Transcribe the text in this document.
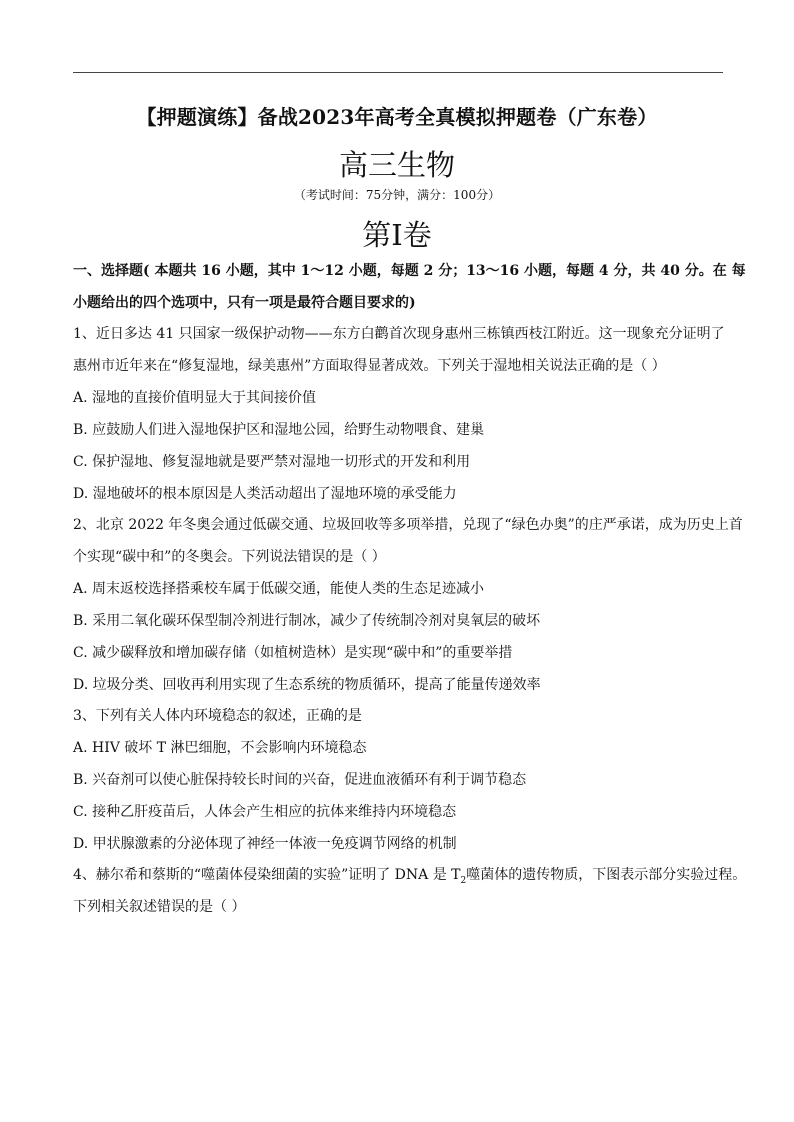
【押题演练】备战2023年高考全真模拟押题卷（广东卷）
高三生物
（考试时间：75分钟，满分：100分）
第I卷
一、选择题( 本题共 16 小题，其中 1～12 小题，每题 2 分；13～16 小题，每题 4 分，共 40 分。在 每
小题给出的四个选项中，只有一项是最符合题目要求的)
1、近日多达 41 只国家一级保护动物——东方白鹳首次现身惠州三栋镇西枝江附近。这一现象充分证明了
惠州市近年来在“修复湿地，绿美惠州”方面取得显著成效。下列关于湿地相关说法正确的是（ ）
A. 湿地的直接价值明显大于其间接价值
B. 应鼓励人们进入湿地保护区和湿地公园，给野生动物喂食、建巢
C. 保护湿地、修复湿地就是要严禁对湿地一切形式的开发和利用
D. 湿地破坏的根本原因是人类活动超出了湿地环境的承受能力
2、北京 2022 年冬奥会通过低碳交通、垃圾回收等多项举措，兑现了“绿色办奥”的庄严承诺，成为历史上首
个实现“碳中和”的冬奥会。下列说法错误的是（ ）
A. 周末返校选择搭乘校车属于低碳交通，能使人类的生态足迹减小
B. 采用二氧化碳环保型制冷剂进行制冰，减少了传统制冷剂对臭氧层的破坏
C. 减少碳释放和增加碳存储（如植树造林）是实现“碳中和”的重要举措
D. 垃圾分类、回收再利用实现了生态系统的物质循环，提高了能量传递效率
3、下列有关人体内环境稳态的叙述，正确的是
A. HIV 破坏 T 淋巴细胞，不会影响内环境稳态
B. 兴奋剂可以使心脏保持较长时间的兴奋，促进血液循环有利于调节稳态
C. 接种乙肝疫苗后，人体会产生相应的抗体来维持内环境稳态
D. 甲状腺激素的分泌体现了神经一体液一免疫调节网络的机制
4、赫尔希和蔡斯的“噬菌体侵染细菌的实验”证明了 DNA 是 $T_2$噬菌体的遗传物质，下图表示部分实验过程。
下列相关叙述错误的是（ ）
